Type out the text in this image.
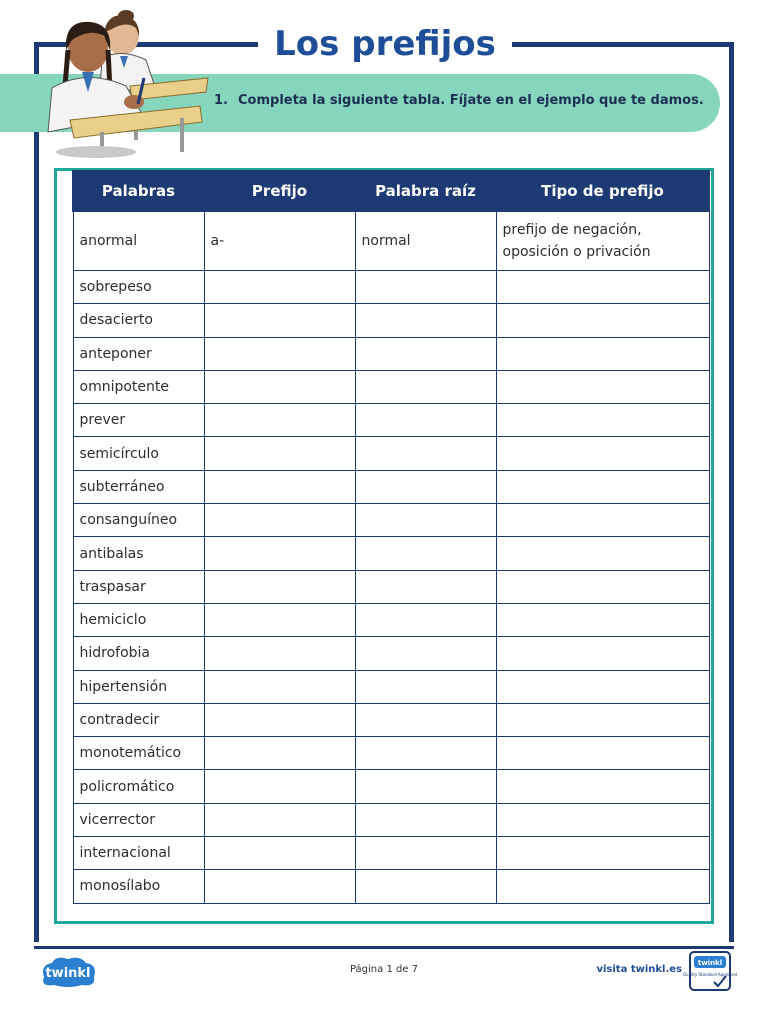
Los prefijos
1. Completa la siguiente tabla. Fíjate en el ejemplo que te damos.
Palabras	Prefijo	Palabra raíz	Tipo de prefijo
anormal	a-	normal	prefijo de negación,
oposición o privación

sobrepeso			
desacierto			
anteponer			
omnipotente			
prever			
semicírculo			
subterráneo			
consanguíneo			
antibalas			
traspasar			
hemiciclo			
hidrofobia			
hipertensión			
contradecir			
monotemático			
policromático			
vicerrector			
internacional			
monosílabo			
twinkl	Página 1 de 7	visita twinkl.es
twinkl
Quality Standard Approved
